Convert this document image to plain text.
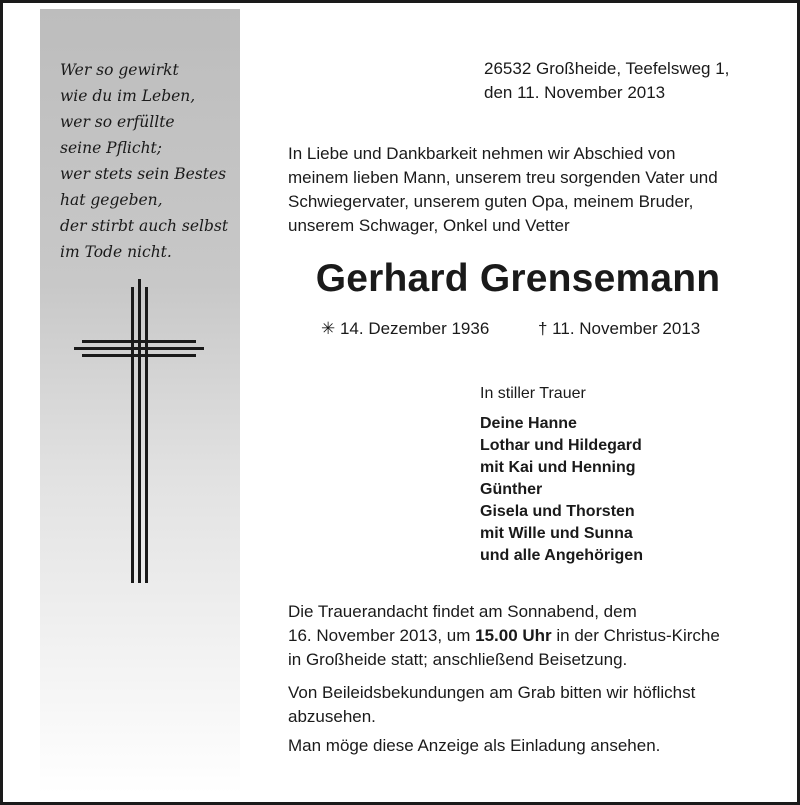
Wer so gewirkt
wie du im Leben,
wer so erfüllte
seine Pflicht;
wer stets sein Bestes
hat gegeben,
der stirbt auch selbst
im Tode nicht.
26532 Großheide, Teefelsweg 1,
den 11. November 2013
In Liebe und Dankbarkeit nehmen wir Abschied von
meinem lieben Mann, unserem treu sorgenden Vater und
Schwiegervater, unserem guten Opa, meinem Bruder,
unserem Schwager, Onkel und Vetter
Gerhard Grensemann
✳ 14. Dezember 1936	† 11. November 2013
In stiller Trauer
Deine Hanne
Lothar und Hildegard
mit Kai und Henning
Günther
Gisela und Thorsten
mit Wille und Sunna
und alle Angehörigen
Die Trauerandacht findet am Sonnabend, dem
16. November 2013, um 15.00 Uhr in der Christus-Kirche
in Großheide statt; anschließend Beisetzung.
Von Beileidsbekundungen am Grab bitten wir höflichst
abzusehen.
Man möge diese Anzeige als Einladung ansehen.
